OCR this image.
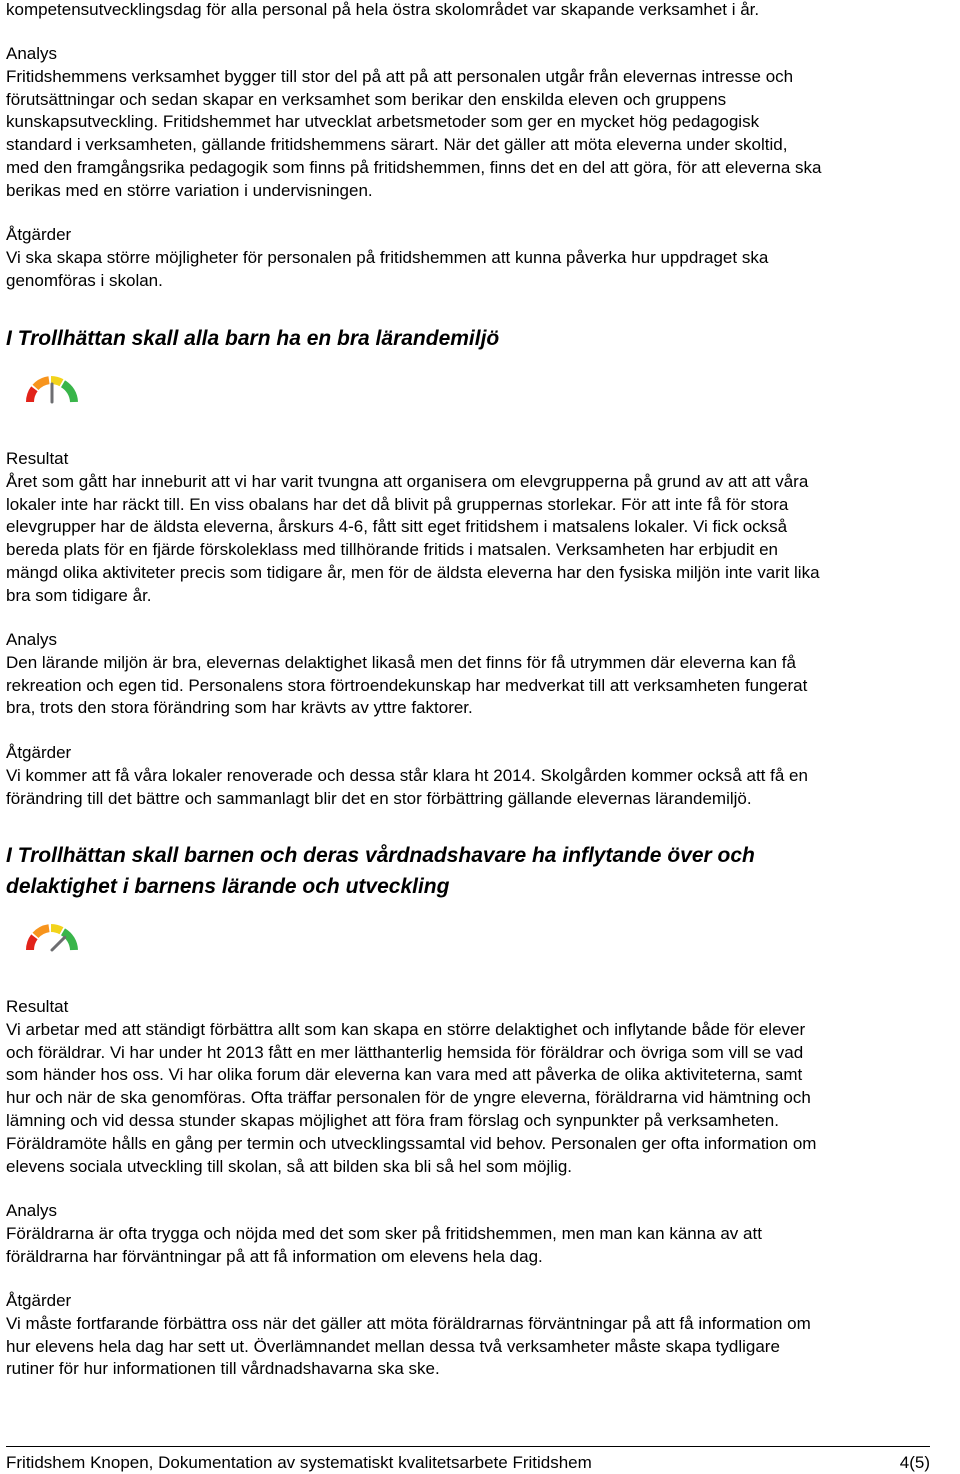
kompetensutvecklingsdag för alla personal på hela östra skolområdet var skapande verksamhet i år.
Analys
Fritidshemmens verksamhet bygger till stor del på att på att personalen utgår från elevernas intresse och
förutsättningar och sedan skapar en verksamhet som berikar den enskilda eleven och gruppens
kunskapsutveckling. Fritidshemmet har utvecklat arbetsmetoder som ger en mycket hög pedagogisk
standard i verksamheten, gällande fritidshemmens särart. När det gäller att möta eleverna under skoltid,
med den framgångsrika pedagogik som finns på fritidshemmen, finns det en del att göra, för att eleverna ska
berikas med en större variation i undervisningen.
Åtgärder
Vi ska skapa större möjligheter för personalen på fritidshemmen att kunna påverka hur uppdraget ska
genomföras i skolan.
I Trollhättan skall alla barn ha en bra lärandemiljö
Resultat
Året som gått har inneburit att vi har varit tvungna att organisera om elevgrupperna på grund av att att våra
lokaler inte har räckt till. En viss obalans har det då blivit på gruppernas storlekar. För att inte få för stora
elevgrupper har de äldsta eleverna, årskurs 4-6, fått sitt eget fritidshem i matsalens lokaler. Vi fick också
bereda plats för en fjärde förskoleklass med tillhörande fritids i matsalen. Verksamheten har erbjudit en
mängd olika aktiviteter precis som tidigare år, men för de äldsta eleverna har den fysiska miljön inte varit lika
bra som tidigare år.
Analys
Den lärande miljön är bra, elevernas delaktighet likaså men det finns för få utrymmen där eleverna kan få
rekreation och egen tid. Personalens stora förtroendekunskap har medverkat till att verksamheten fungerat
bra, trots den stora förändring som har krävts av yttre faktorer.
Åtgärder
Vi kommer att få våra lokaler renoverade och dessa står klara ht 2014. Skolgården kommer också att få en
förändring till det bättre och sammanlagt blir det en stor förbättring gällande elevernas lärandemiljö.
I Trollhättan skall barnen och deras vårdnadshavare ha inflytande över och
delaktighet i barnens lärande och utveckling
Resultat
Vi arbetar med att ständigt förbättra allt som kan skapa en större delaktighet och inflytande både för elever
och föräldrar. Vi har under ht 2013 fått en mer lätthanterlig hemsida för föräldrar och övriga som vill se vad
som händer hos oss. Vi har olika forum där eleverna kan vara med att påverka de olika aktiviteterna, samt
hur och när de ska genomföras. Ofta träffar personalen för de yngre eleverna, föräldrarna vid hämtning och
lämning och vid dessa stunder skapas möjlighet att föra fram förslag och synpunkter på verksamheten.
Föräldramöte hålls en gång per termin och utvecklingssamtal vid behov. Personalen ger ofta information om
elevens sociala utveckling till skolan, så att bilden ska bli så hel som möjlig.
Analys
Föräldrarna är ofta trygga och nöjda med det som sker på fritidshemmen, men man kan känna av att
föräldrarna har förväntningar på att få information om elevens hela dag.
Åtgärder
Vi måste fortfarande förbättra oss när det gäller att möta föräldrarnas förväntningar på att få information om
hur elevens hela dag har sett ut. Överlämnandet mellan dessa två verksamheter måste skapa tydligare
rutiner för hur informationen till vårdnadshavarna ska ske.
Fritidshem Knopen, Dokumentation av systematiskt kvalitetsarbete Fritidshem	4(5)
